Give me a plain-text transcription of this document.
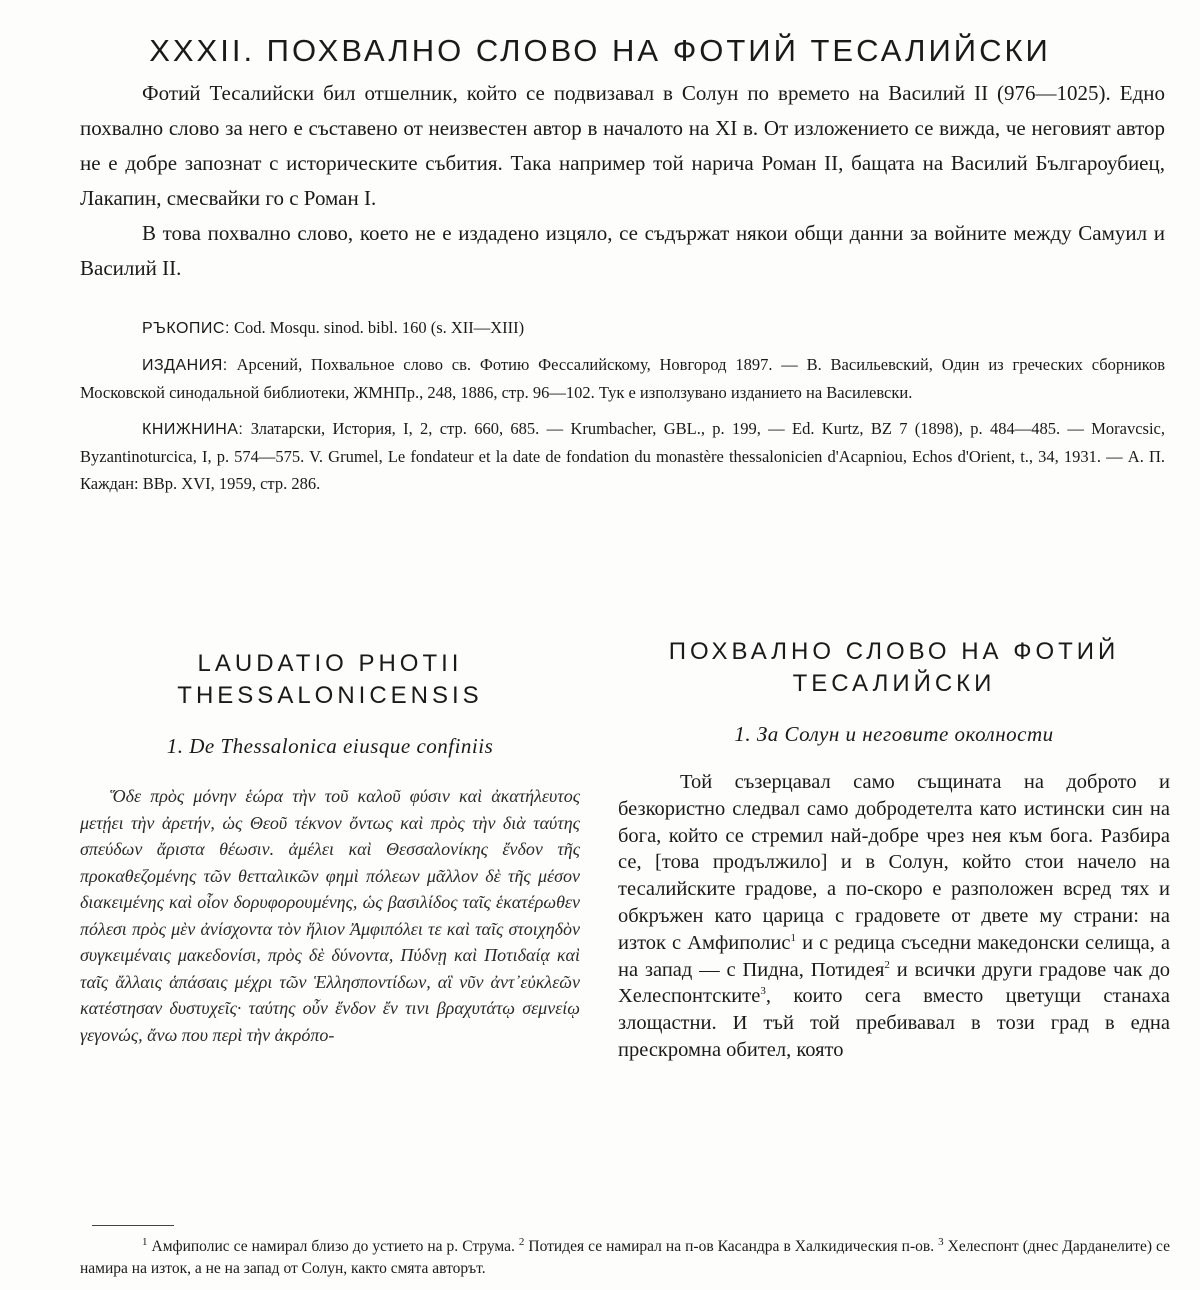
XXXII. ПОХВАЛНО СЛОВО НА ФОТИЙ ТЕСАЛИЙСКИ

Фотий Тесалийски бил отшелник, който се подвизавал в Солун по времето на Василий II (976—1025). Едно похвално слово за него е съставено от неизвестен автор в началото на XI в. От изложението се вижда, че неговият автор не е добре запознат с историческите събития. Така например той нарича Роман II, бащата на Василий Българоубиец, Лакапин, смесвайки го с Роман I.

В това похвално слово, което не е издадено изцяло, се съдържат някои общи данни за войните между Самуил и Василий II.

РЪКОПИС: Cod. Mosqu. sinod. bibl. 160 (s. XII—XIII)

ИЗДАНИЯ: Арсений, Похвальное слово св. Фотию Фессалийскому, Новгород 1897. — В. Васильевский, Один из греческих сборников Московской синодальной библиотеки, ЖМНПр., 248, 1886, стр. 96—102. Тук е използувано изданието на Василевски.

КНИЖНИНА: Златарски, История, I, 2, стр. 660, 685. — Krumbacher, GBL., p. 199, — Ed. Kurtz, BZ 7 (1898), p. 484—485. — Moravcsic, Byzantinoturcica, I, p. 574—575. V. Grumel, Le fondateur et la date de fondation du monastère thessalonicien d'Acapniou, Echos d'Orient, t., 34, 1931. — А. П. Каждан: BBp. XVI, 1959, стр. 286.

LAUDATIO PHOTII
THESSALONICENSIS
1. De Thessalonica eiusque confiniis
Ὅδε πρὸς μόνην ἑώρα τὴν τοῦ καλοῦ φύσιν καὶ ἀκατήλευτος μετῄει τὴν ἀρετήν, ὡς Θεοῦ τέκνον ὄντως καὶ πρὸς τὴν διὰ ταύτης σπεύδων ἄριστα θέωσιν. ἀμέλει καὶ Θεσσαλονίκης ἔνδον τῆς προκαθεζομένης τῶν θετταλικῶν φημὶ πόλεων μᾶλλον δὲ τῆς μέσον διακειμένης καὶ οἷον δορυφορουμένης, ὡς βασιλίδος ταῖς ἑκατέρωθεν πόλεσι πρὸς μὲν ἀνίσχοντα τὸν ἥλιον Ἀμφιπόλει τε καὶ ταῖς στοιχηδὸν συγκειμέναις μακεδονίσι, πρὸς δὲ δύνοντα, Πύδνῃ καὶ Ποτιδαίᾳ καὶ ταῖς ἄλλαις ἁπάσαις μέχρι τῶν Ἑλλησποντίδων, αἳ νῦν ἀντ᾽εὐκλεῶν κατέστησαν δυστυχεῖς· ταύτης οὖν ἔνδον ἔν τινι βραχυτάτῳ σεμνείῳ γεγονώς, ἄνω που περὶ τὴν ἀκρόπο-
ПОХВАЛНО СЛОВО НА ФОТИЙ
ТЕСАЛИЙСКИ
1. За Солун и неговите околности
Той съзерцавал само същината на доброто и безкористно следвал само добродетелта като истински син на бога, който се стремил най-добре чрез нея към бога. Разбира се, [това продължило] и в Солун, който стои начело на тесалийските градове, а по-скоро е разположен всред тях и обкръжен като царица с градовете от двете му страни: на изток с Амфиполис$^1$ и с редица съседни македонски селища, а на запад — с Пидна, Потидея$^2$ и всички други градове чак до Хелеспонтските$^3$, които сега вместо цветущи станаха злощастни. И тъй той пребивавал в този град в една прескромна обител, която

$^1$ Амфиполис се намирал близо до устието на р. Струма. $^2$ Потидея се намирал на п-ов Касандра в Халкидическия п-ов. $^3$ Хелеспонт (днес Дарданелите) се намира на изток, а не на запад от Солун, както смята авторът.
